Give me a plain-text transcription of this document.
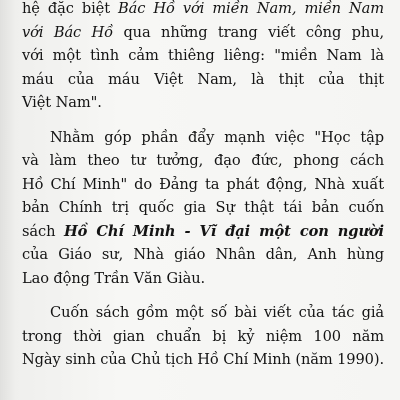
hệ đặc biệt Bác Hồ với miền Nam, miền Nam
với Bác Hồ qua những trang viết công phu,
với một tình cảm thiêng liêng: "miền Nam là
máu của máu Việt Nam, là thịt của thịt
Việt Nam".

Nhằm góp phần đẩy mạnh việc "Học tập
và làm theo tư tưởng, đạo đức, phong cách
Hồ Chí Minh" do Đảng ta phát động, Nhà xuất
bản Chính trị quốc gia Sự thật tái bản cuốn
sách Hồ Chí Minh - Vĩ đại một con người
của Giáo sư, Nhà giáo Nhân dân, Anh hùng
Lao động Trần Văn Giàu.

Cuốn sách gồm một số bài viết của tác giả
trong thời gian chuẩn bị kỷ niệm 100 năm
Ngày sinh của Chủ tịch Hồ Chí Minh (năm 1990).
